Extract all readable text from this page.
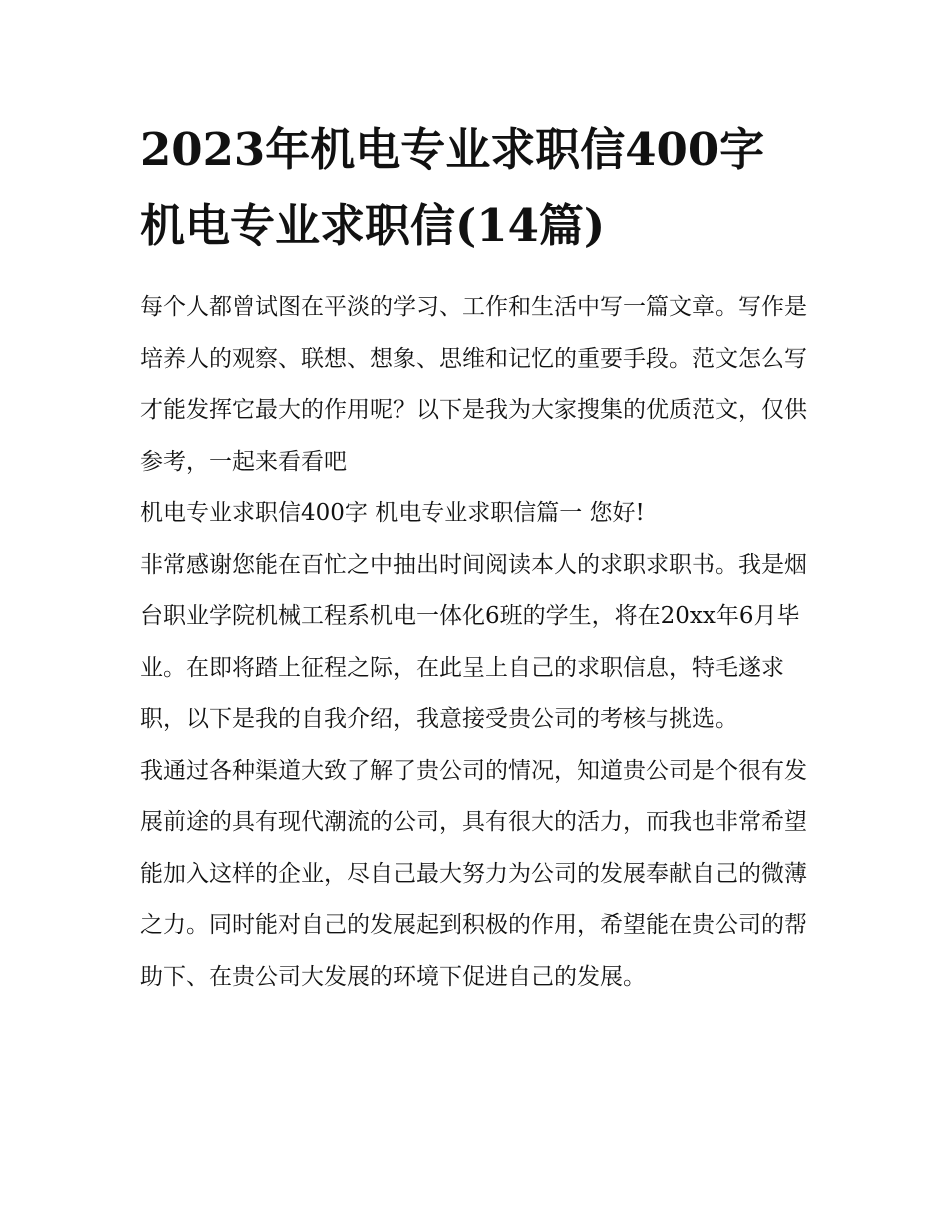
2023年机电专业求职信400字 机电专业求职信(14篇)

每个人都曾试图在平淡的学习、工作和生活中写一篇文章。写作是培养人的观察、联想、想象、思维和记忆的重要手段。范文怎么写才能发挥它最大的作用呢？以下是我为大家搜集的优质范文，仅供参考，一起来看看吧

机电专业求职信400字 机电专业求职信篇一 您好!

非常感谢您能在百忙之中抽出时间阅读本人的求职求职书。我是烟台职业学院机械工程系机电一体化6班的学生，将在20xx年6月毕业。在即将踏上征程之际，在此呈上自己的求职信息，特毛遂求职，以下是我的自我介绍，我意接受贵公司的考核与挑选。

我通过各种渠道大致了解了贵公司的情况，知道贵公司是个很有发展前途的具有现代潮流的公司，具有很大的活力，而我也非常希望能加入这样的企业，尽自己最大努力为公司的发展奉献自己的微薄之力。同时能对自己的发展起到积极的作用，希望能在贵公司的帮助下、在贵公司大发展的环境下促进自己的发展。
